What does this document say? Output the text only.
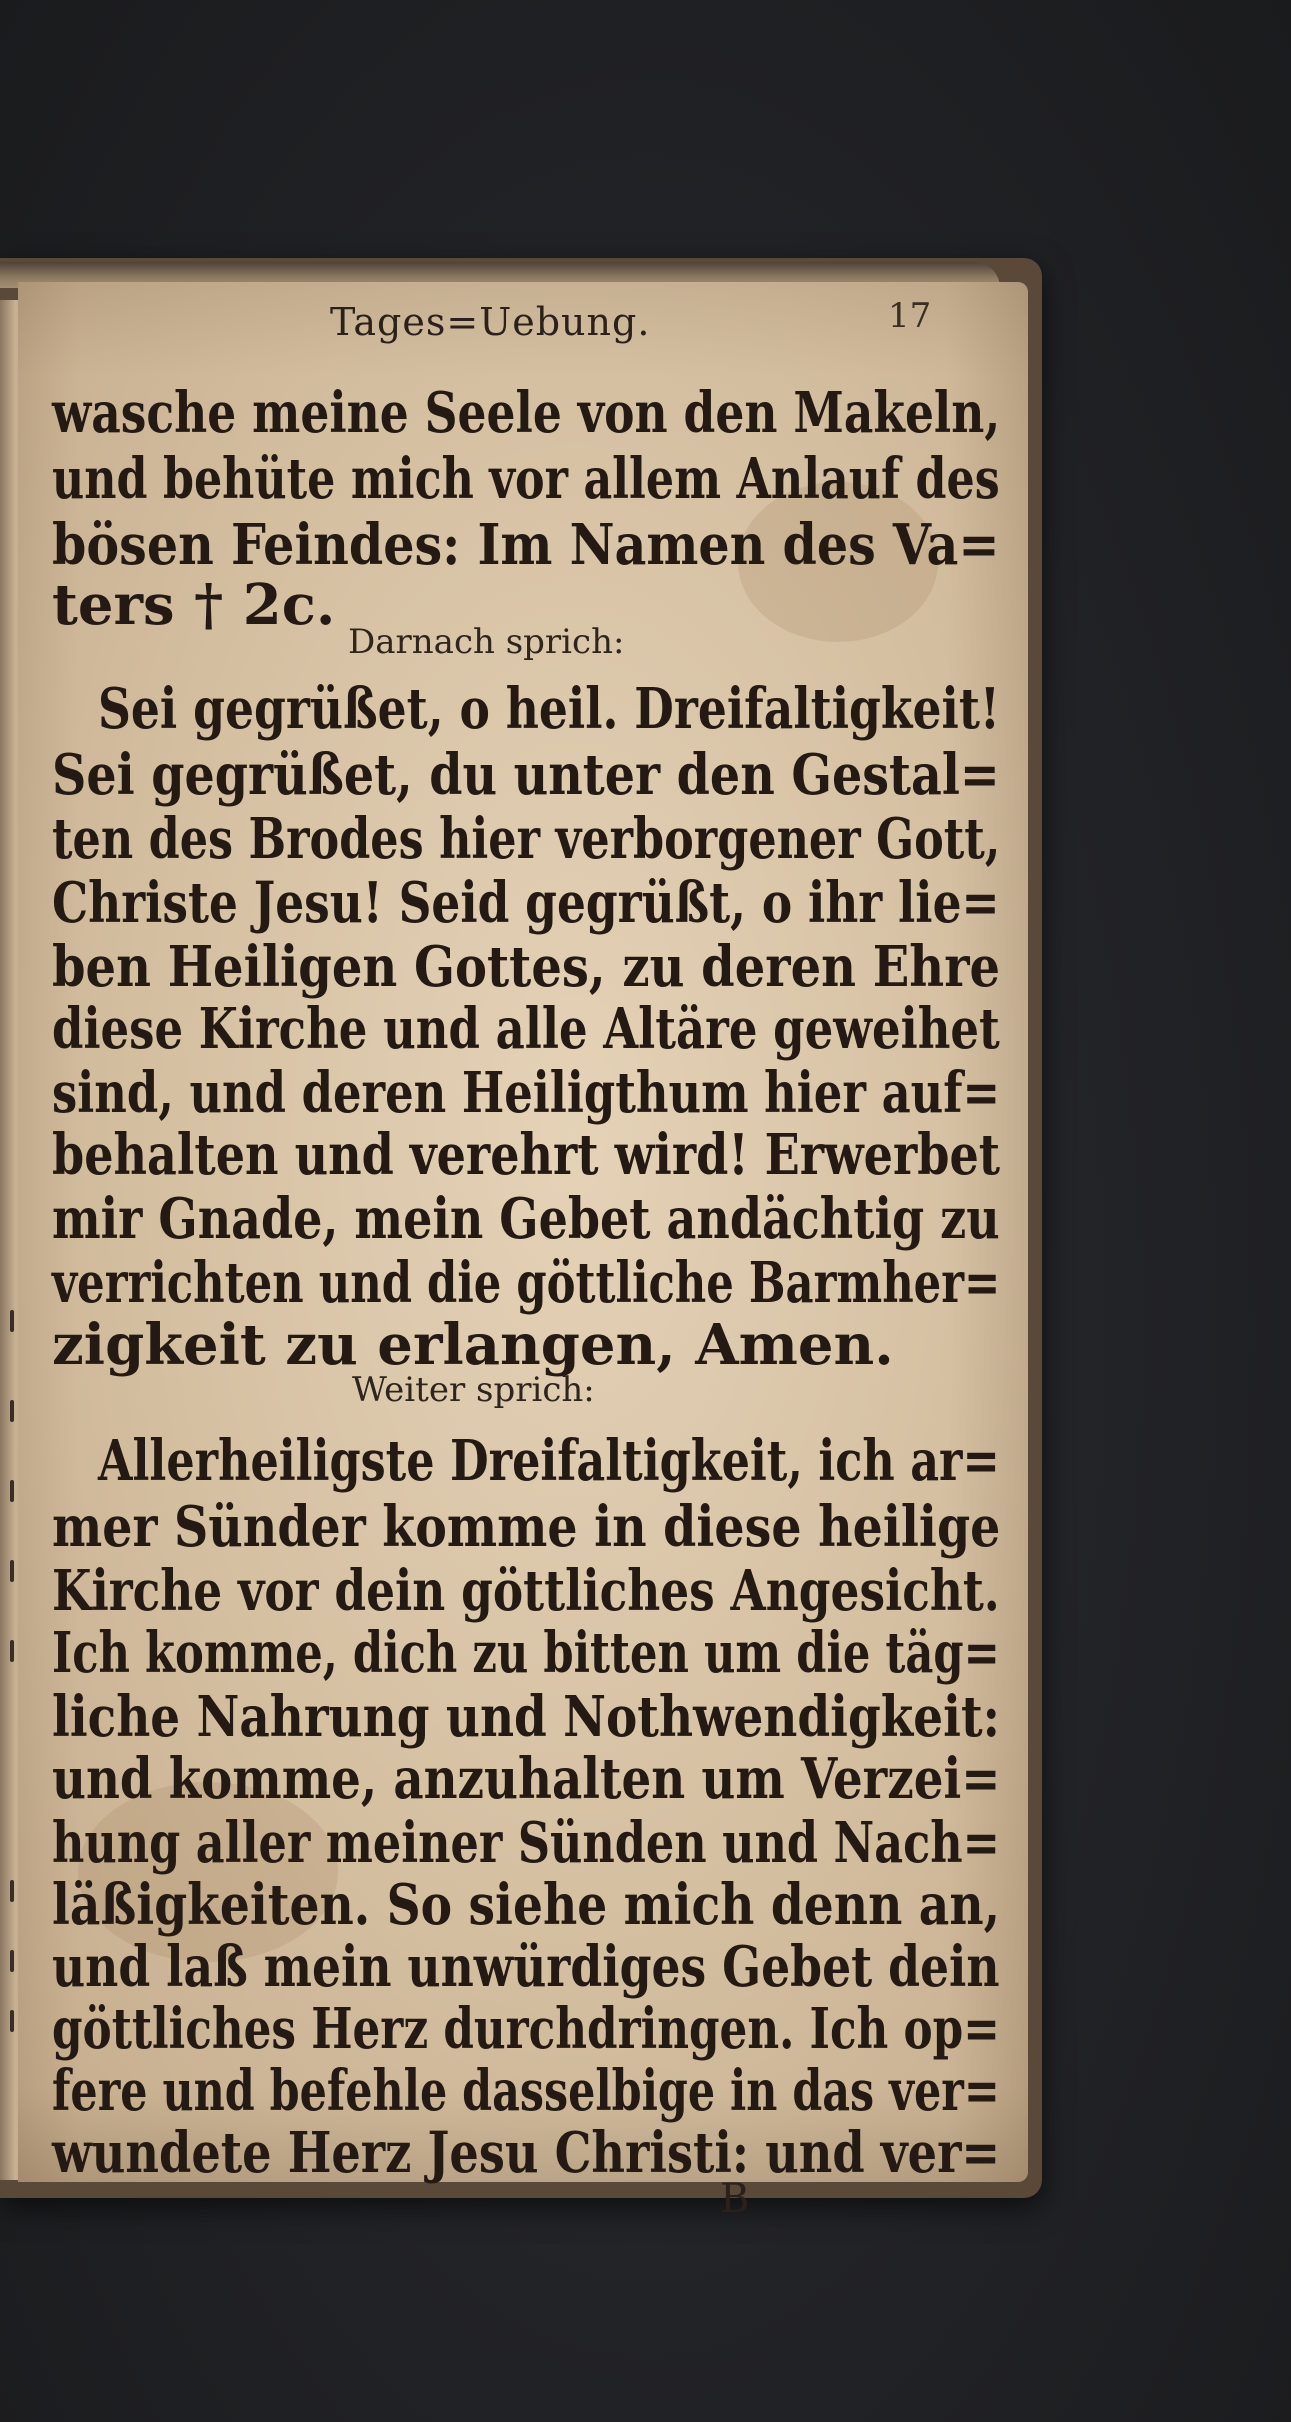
Tages=Uebung.	17
wasche meine Seele von den Makeln,
und behüte mich vor allem Anlauf des
bösen Feindes: Im Namen des Va=
ters † 2c.
Darnach sprich:
Sei gegrüßet, o heil. Dreifaltigkeit!
Sei gegrüßet, du unter den Gestal=
ten des Brodes hier verborgener Gott,
Christe Jesu! Seid gegrüßt, o ihr lie=
ben Heiligen Gottes, zu deren Ehre
diese Kirche und alle Altäre geweihet
sind, und deren Heiligthum hier auf=
behalten und verehrt wird! Erwerbet
mir Gnade, mein Gebet andächtig zu
verrichten und die göttliche Barmher=
zigkeit zu erlangen, Amen.
Weiter sprich:
Allerheiligste Dreifaltigkeit, ich ar=
mer Sünder komme in diese heilige
Kirche vor dein göttliches Angesicht.
Ich komme, dich zu bitten um die täg=
liche Nahrung und Nothwendigkeit:
und komme, anzuhalten um Verzei=
hung aller meiner Sünden und Nach=
läßigkeiten. So siehe mich denn an,
und laß mein unwürdiges Gebet dein
göttliches Herz durchdringen. Ich op=
fere und befehle dasselbige in das ver=
wundete Herz Jesu Christi: und ver=
B
